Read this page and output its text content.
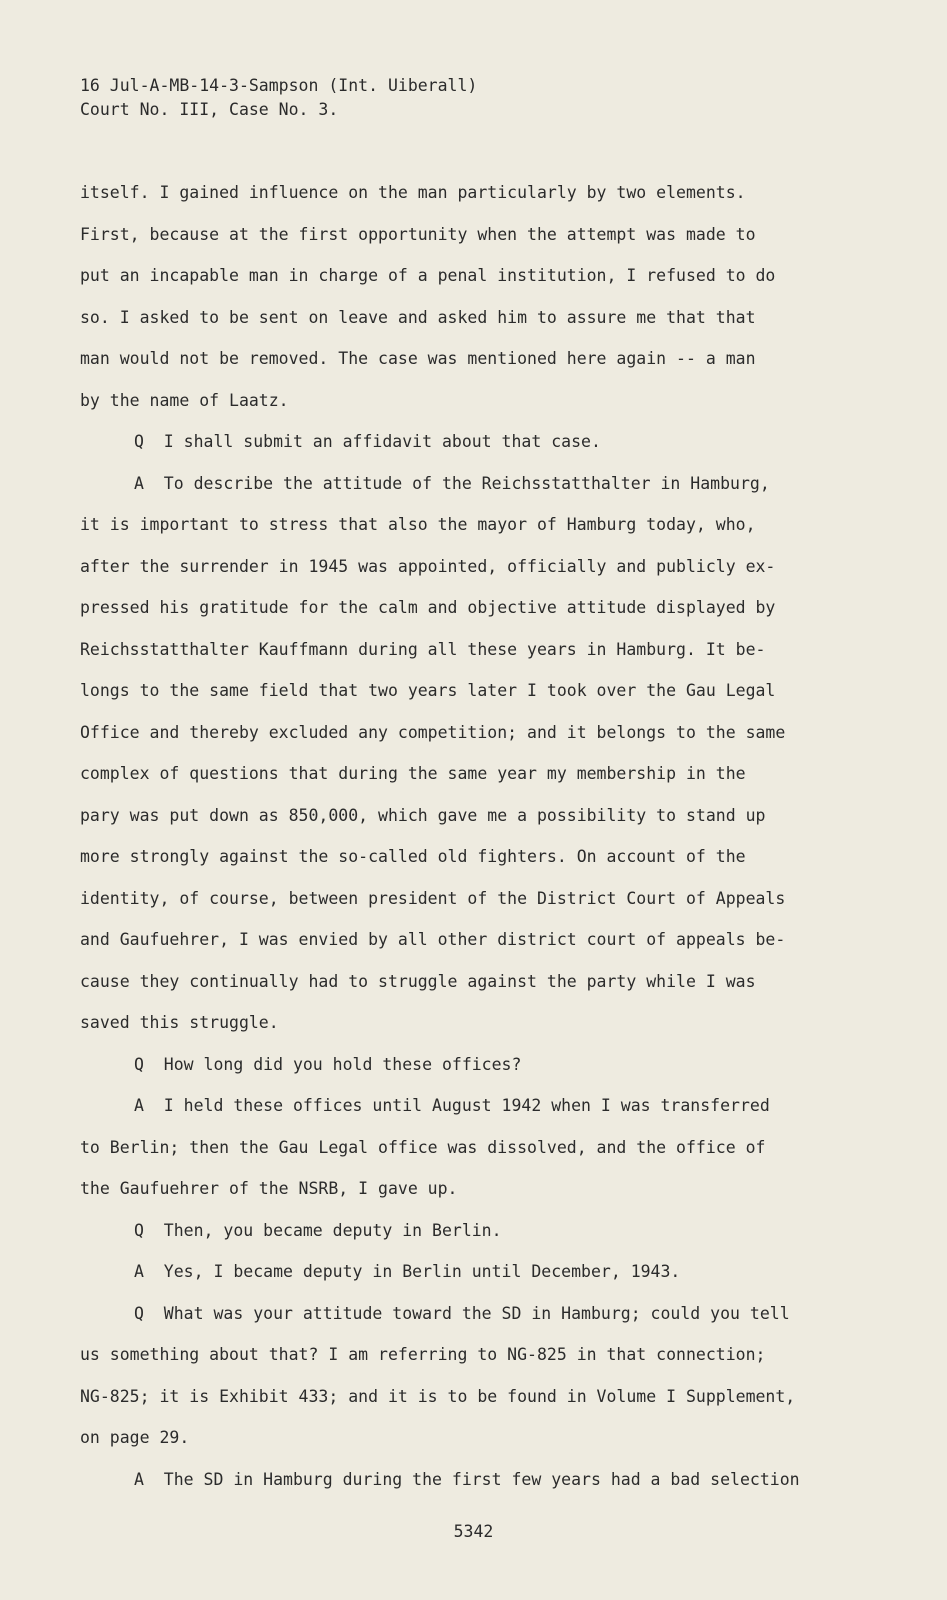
16 Jul-A-MB-14-3-Sampson (Int. Uiberall)
Court No. III, Case No. 3.
itself. I gained influence on the man particularly by two elements.
First, because at the first opportunity when the attempt was made to
put an incapable man in charge of a penal institution, I refused to do
so. I asked to be sent on leave and asked him to assure me that that
man would not be removed. The case was mentioned here again -- a man
by the name of Laatz.
Q  I shall submit an affidavit about that case.
A  To describe the attitude of the Reichsstatthalter in Hamburg,
it is important to stress that also the mayor of Hamburg today, who,
after the surrender in 1945 was appointed, officially and publicly ex-
pressed his gratitude for the calm and objective attitude displayed by
Reichsstatthalter Kauffmann during all these years in Hamburg. It be-
longs to the same field that two years later I took over the Gau Legal
Office and thereby excluded any competition; and it belongs to the same
complex of questions that during the same year my membership in the
pary was put down as 850,000, which gave me a possibility to stand up
more strongly against the so-called old fighters. On account of the
identity, of course, between president of the District Court of Appeals
and Gaufuehrer, I was envied by all other district court of appeals be-
cause they continually had to struggle against the party while I was
saved this struggle.
Q  How long did you hold these offices?
A  I held these offices until August 1942 when I was transferred
to Berlin; then the Gau Legal office was dissolved, and the office of
the Gaufuehrer of the NSRB, I gave up.
Q  Then, you became deputy in Berlin.
A  Yes, I became deputy in Berlin until December, 1943.
Q  What was your attitude toward the SD in Hamburg; could you tell
us something about that? I am referring to NG-825 in that connection;
NG-825; it is Exhibit 433; and it is to be found in Volume I Supplement,
on page 29.
A  The SD in Hamburg during the first few years had a bad selection
5342
